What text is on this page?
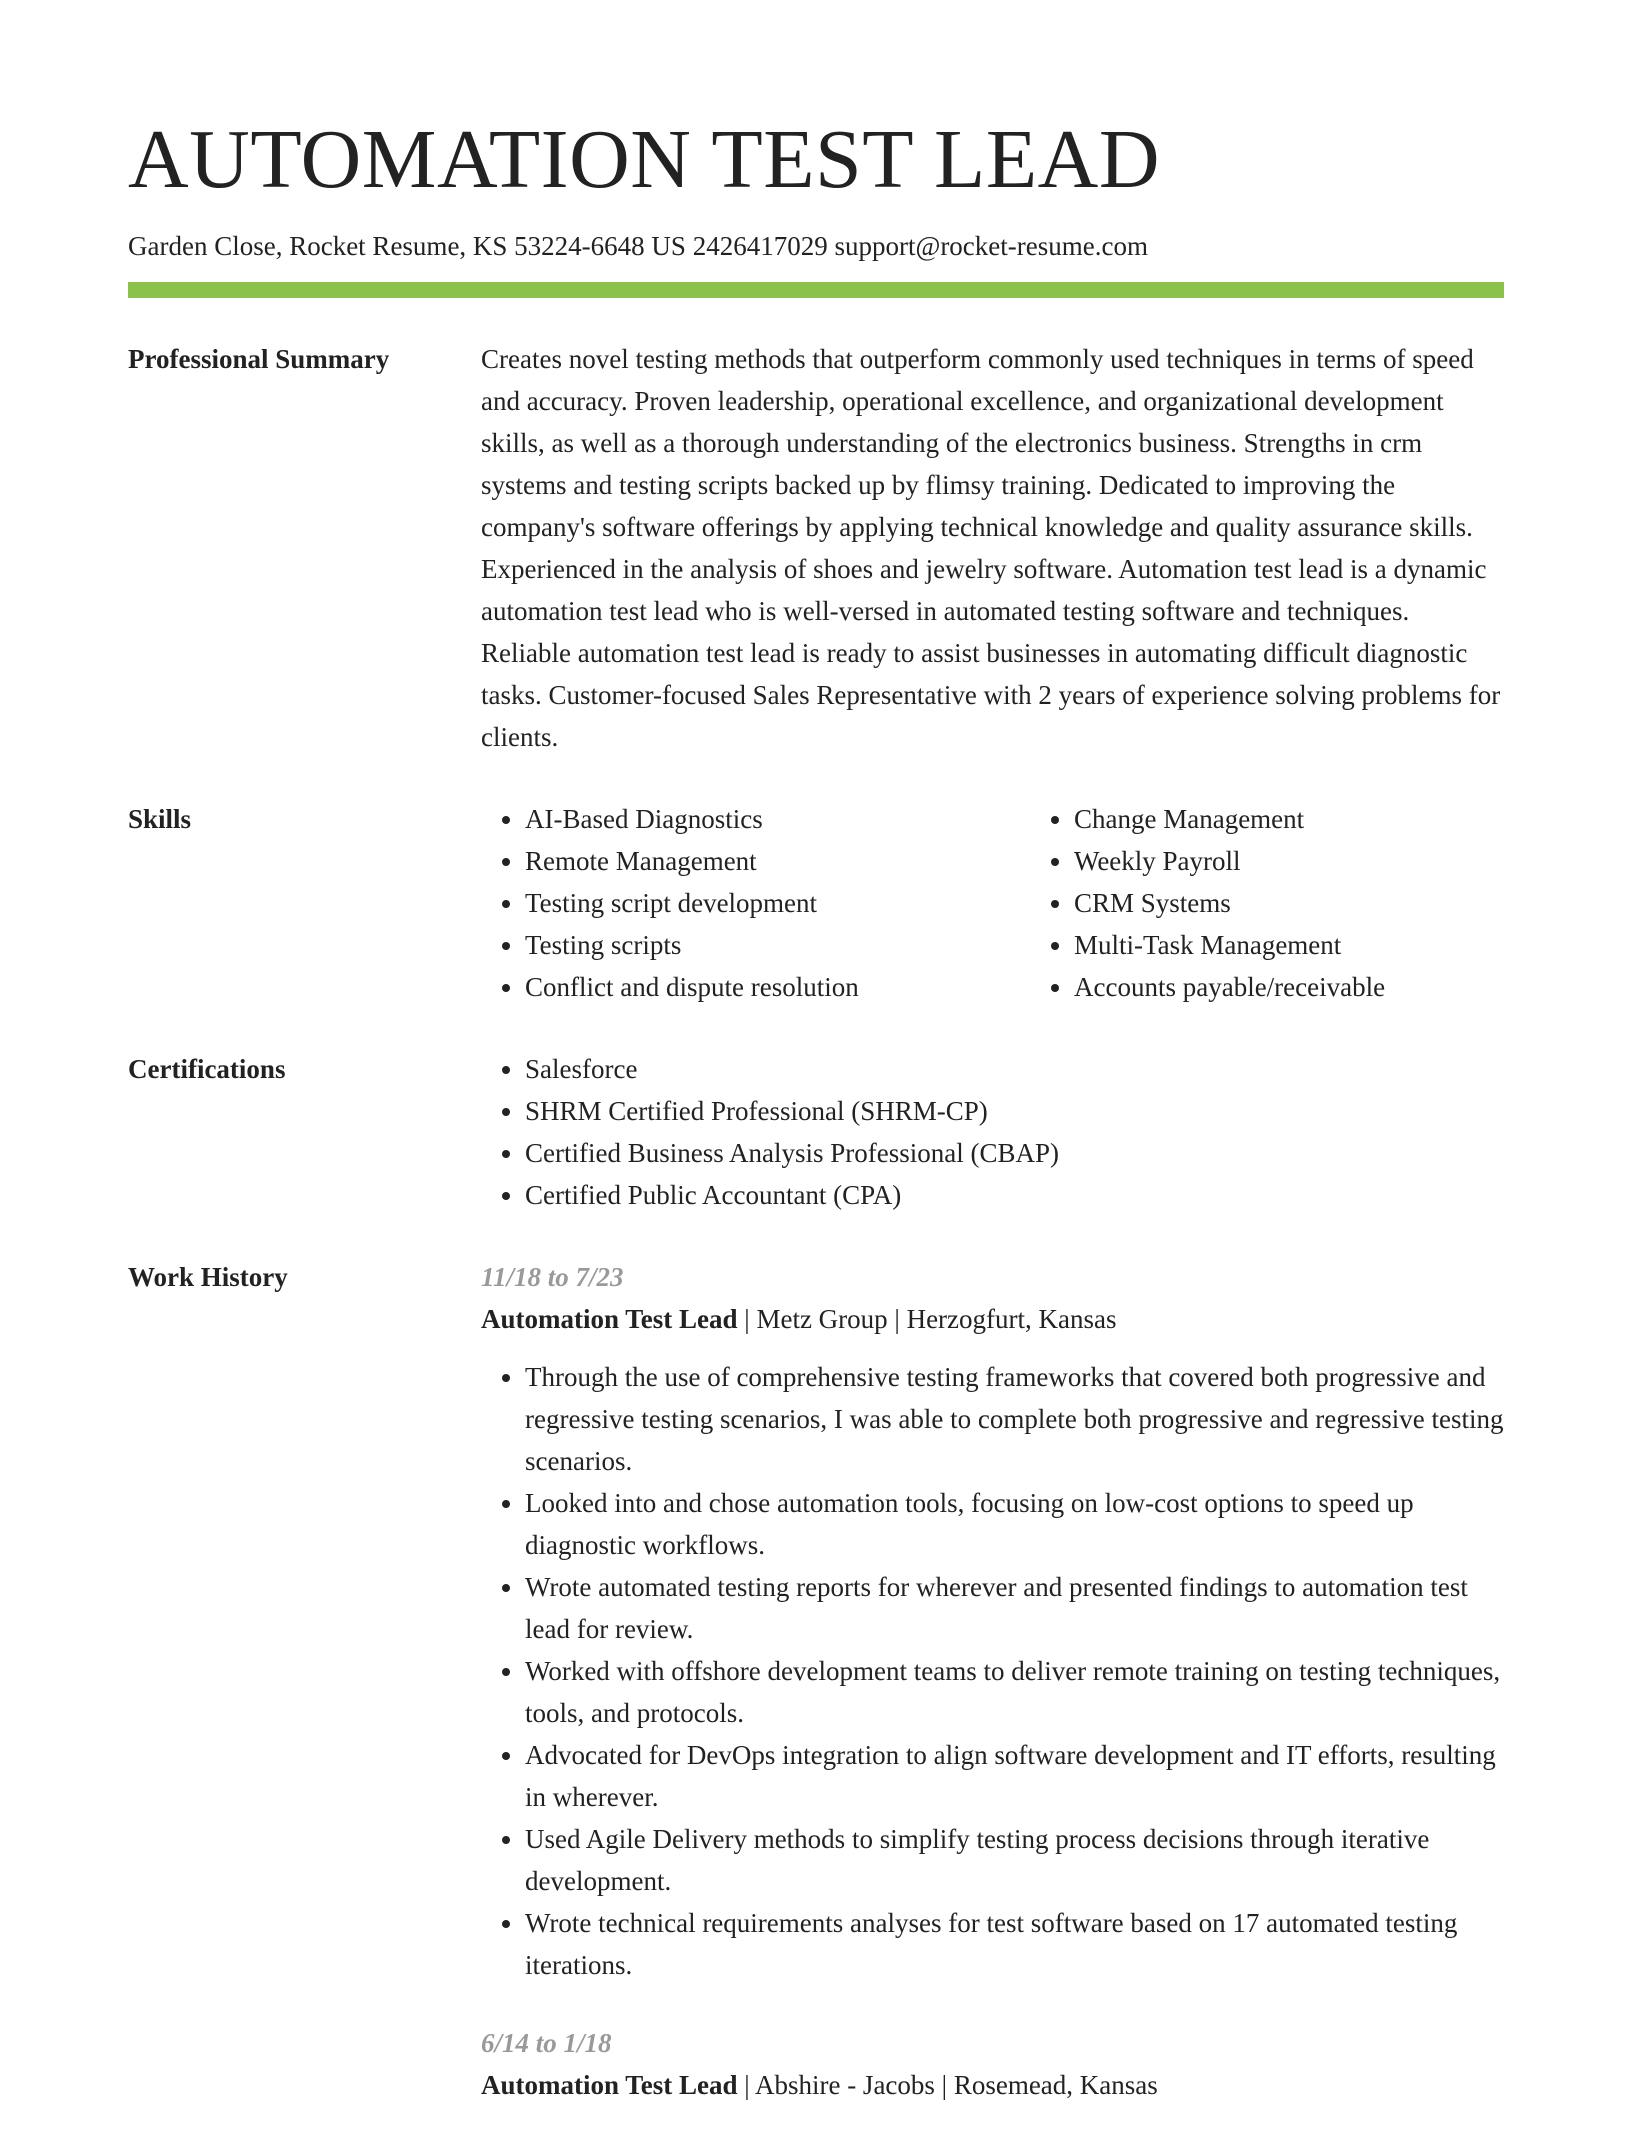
AUTOMATION TEST LEAD
Garden Close, Rocket Resume, KS 53224-6648 US 2426417029 support@rocket-resume.com
Professional Summary	Creates novel testing methods that outperform commonly used techniques in terms of speed and accuracy. Proven leadership, operational excellence, and organizational development skills, as well as a thorough understanding of the electronics business. Strengths in crm systems and testing scripts backed up by flimsy training. Dedicated to improving the company's software offerings by applying technical knowledge and quality assurance skills. Experienced in the analysis of shoes and jewelry software. Automation test lead is a dynamic automation test lead who is well-versed in automated testing software and techniques. Reliable automation test lead is ready to assist businesses in automating difficult diagnostic tasks. Customer-focused Sales Representative with 2 years of experience solving problems for clients.

Skills	• AI-Based Diagnostics
• Remote Management
• Testing script development
• Testing scripts
• Conflict and dispute resolution
• Change Management
• Weekly Payroll
• CRM Systems
• Multi-Task Management
• Accounts payable/receivable
Certifications	• Salesforce
• SHRM Certified Professional (SHRM-CP)
• Certified Business Analysis Professional (CBAP)
• Certified Public Accountant (CPA)
Work History	11/18 to 7/23
Automation Test Lead | Metz Group | Herzogfurt, Kansas
• Through the use of comprehensive testing frameworks that covered both progressive and regressive testing scenarios, I was able to complete both progressive and regressive testing scenarios.
• Looked into and chose automation tools, focusing on low-cost options to speed up diagnostic workflows.
• Wrote automated testing reports for wherever and presented findings to automation test lead for review.
• Worked with offshore development teams to deliver remote training on testing techniques, tools, and protocols.
• Advocated for DevOps integration to align software development and IT efforts, resulting in wherever.
• Used Agile Delivery methods to simplify testing process decisions through iterative development.
• Wrote technical requirements analyses for test software based on 17 automated testing iterations.
6/14 to 1/18
Automation Test Lead | Abshire - Jacobs | Rosemead, Kansas
